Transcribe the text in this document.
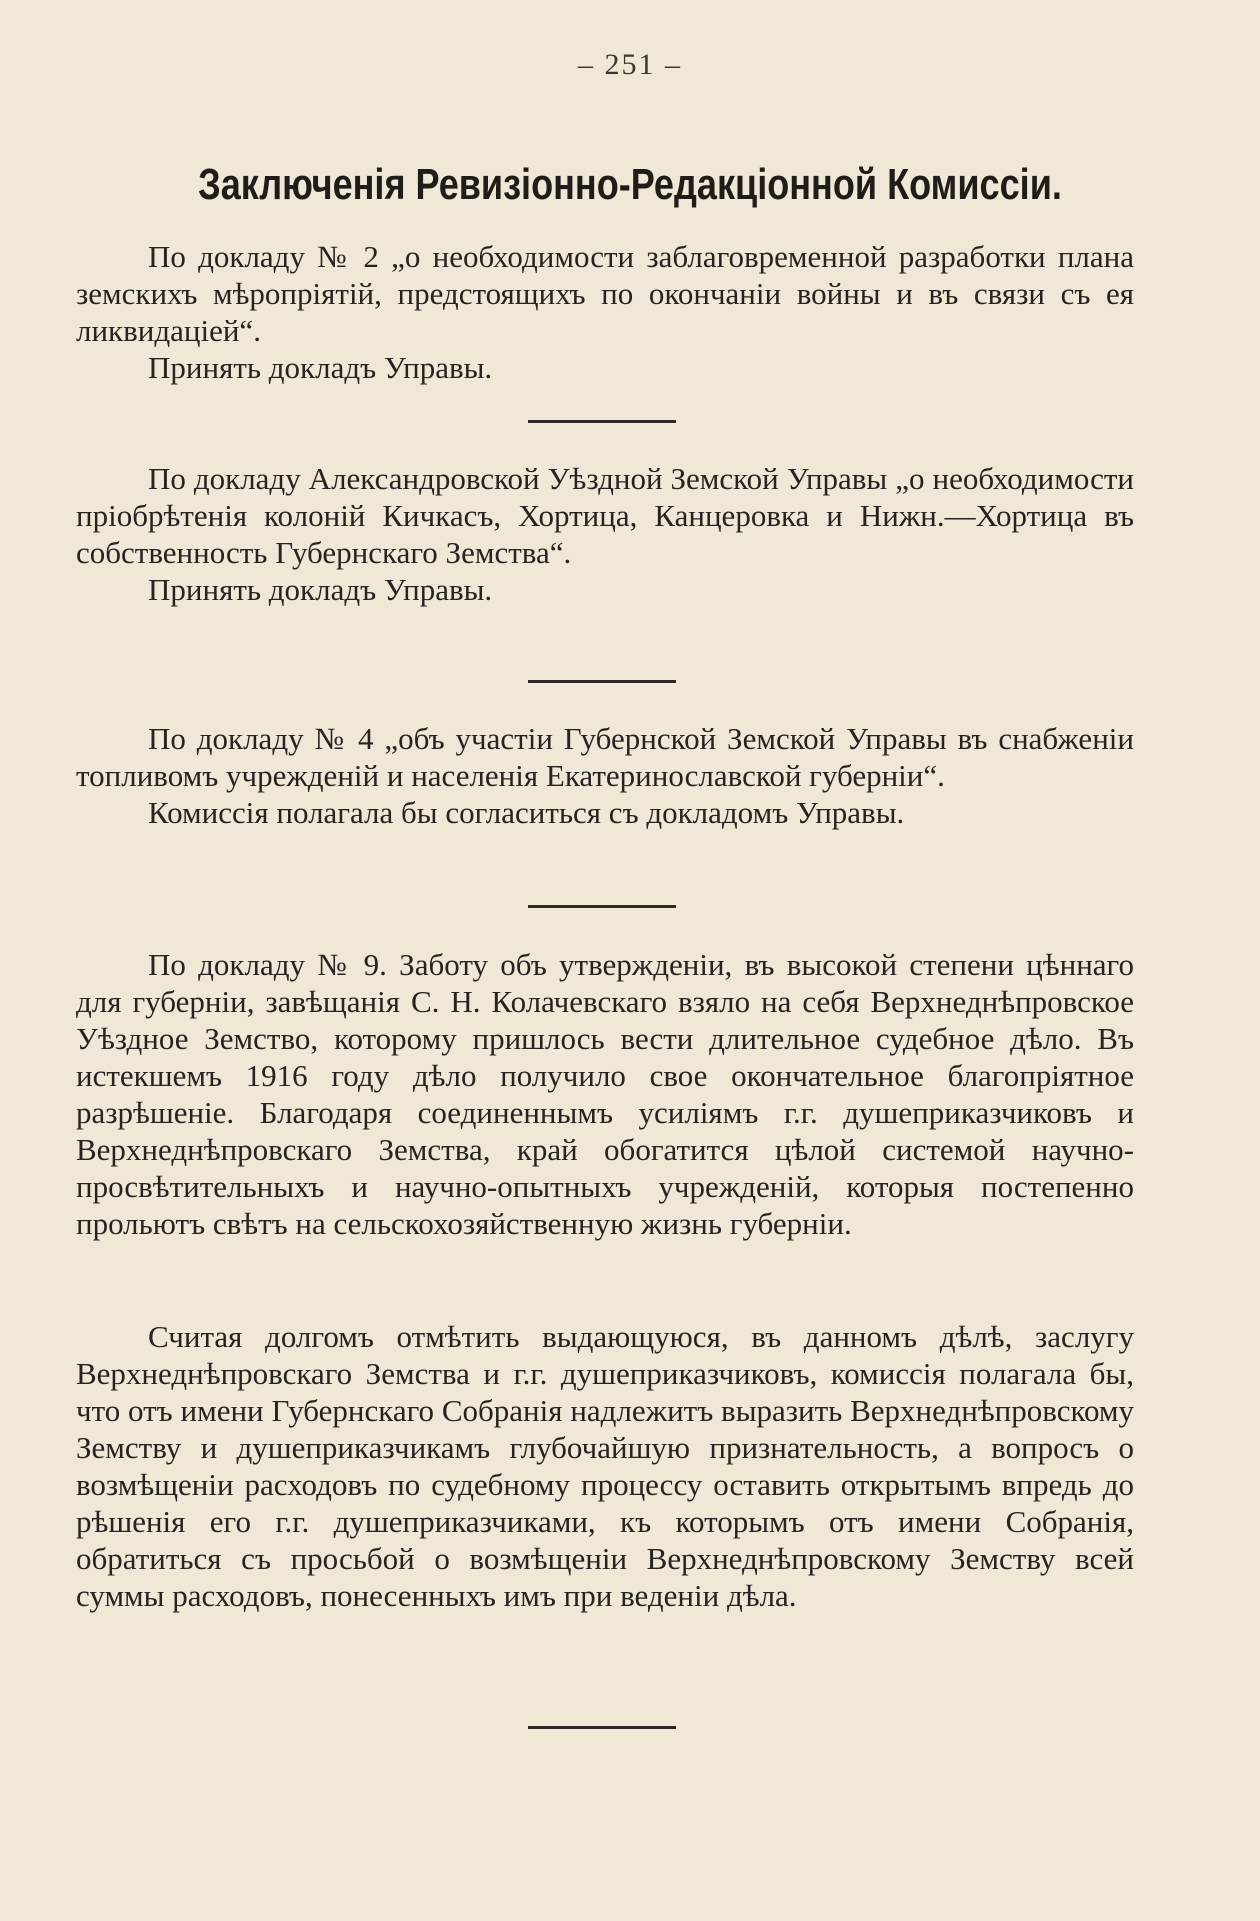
– 251 –
Заключенія Ревизіонно-Редакціонной Комиссіи.

По докладу № 2 „о необходимости заблаговременной разработки плана земскихъ мѣропріятій, предстоящихъ по окончаніи войны и въ связи съ ея ликвидаціей“.

Принять докладъ Управы.

По докладу Александровской Уѣздной Земской Управы „о необходимости пріобрѣтенія колоній Кичкасъ, Хортица, Канцеровка и Нижн.—Хортица въ собственность Губернскаго Земства“.

Принять докладъ Управы.

По докладу № 4 „объ участіи Губернской Земской Управы въ снабженіи топливомъ учрежденій и населенія Екатеринославской губерніи“.

Комиссія полагала бы согласиться съ докладомъ Управы.

По докладу № 9. Заботу объ утвержденіи, въ высокой степени цѣннаго для губерніи, завѣщанія С. Н. Колачевскаго взяло на себя Верхнеднѣпровское Уѣздное Земство, которому пришлось вести длительное судебное дѣло. Въ истекшемъ 1916 году дѣло получило свое окончательное благопріятное разрѣшеніе. Благодаря соединеннымъ усиліямъ г.г. душеприказчиковъ и Верхнеднѣпровскаго Земства, край обогатится цѣлой системой научно-просвѣтительныхъ и научно-опытныхъ учрежденій, которыя постепенно прольютъ свѣтъ на сельскохозяйственную жизнь губерніи.

Считая долгомъ отмѣтить выдающуюся, въ данномъ дѣлѣ, заслугу Верхнеднѣпровскаго Земства и г.г. душеприказчиковъ, комиссія полагала бы, что отъ имени Губернскаго Собранія надлежитъ выразить Верхнеднѣпровскому Земству и душеприказчикамъ глубочайшую признательность, а вопросъ о возмѣщеніи расходовъ по судебному процессу оставить открытымъ впредь до рѣшенія его г.г. душеприказчиками, къ которымъ отъ имени Собранія, обратиться съ просьбой о возмѣщеніи Верхнеднѣпровскому Земству всей суммы расходовъ, понесенныхъ имъ при веденіи дѣла.
